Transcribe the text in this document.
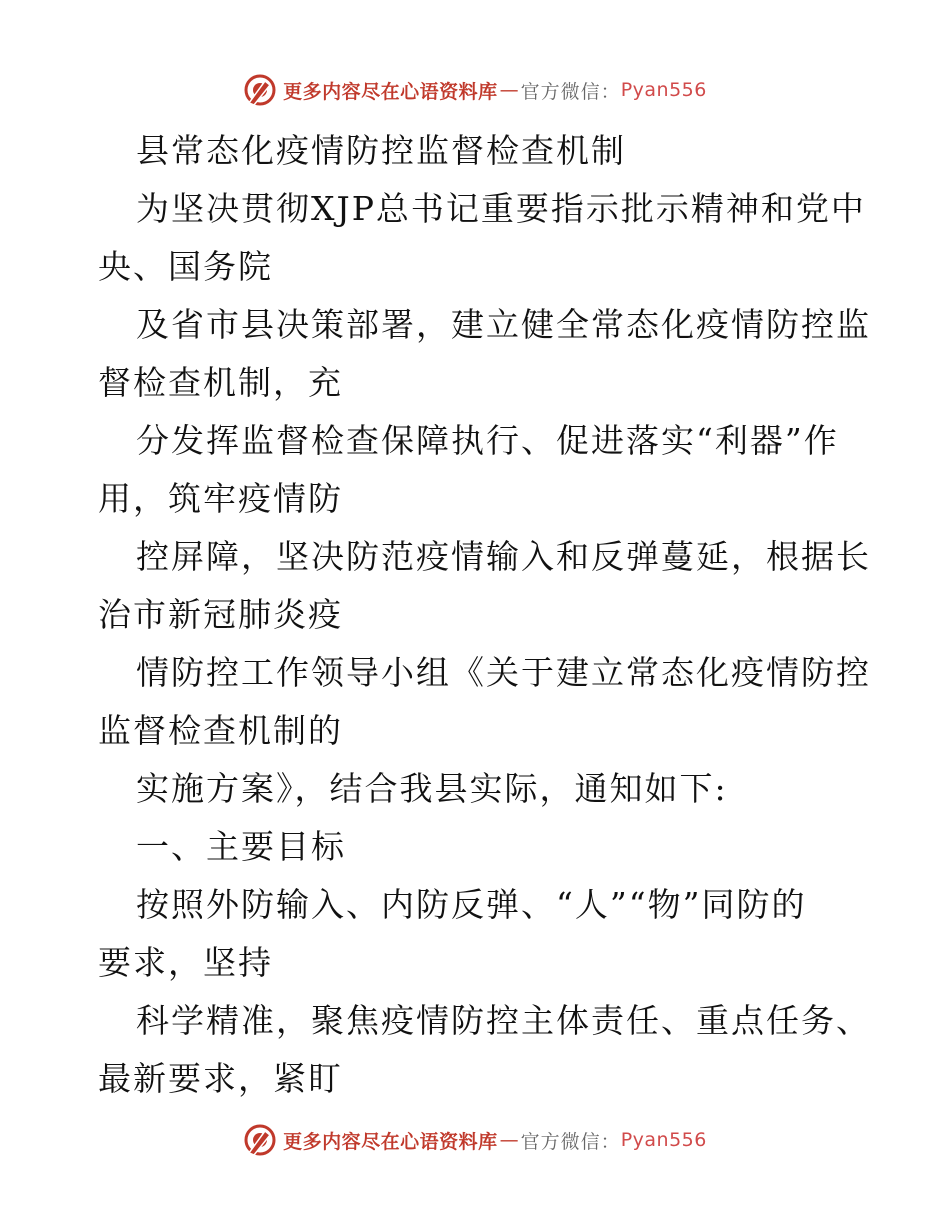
更多内容尽在心语资料库 — 官方微信： Pyan556
县常态化疫情防控监督检查机制
为坚决贯彻XJP总书记重要指示批示精神和党中
央、国务院
及省市县决策部署，建立健全常态化疫情防控监
督检查机制，充
分发挥监督检查保障执行、促进落实“利器”作
用，筑牢疫情防
控屏障，坚决防范疫情输入和反弹蔓延，根据长
治市新冠肺炎疫
情防控工作领导小组《关于建立常态化疫情防控
监督检查机制的
实施方案》，结合我县实际，通知如下:
一、主要目标
按照外防输入、内防反弹、“人”“物”同防的
要求，坚持
科学精准，聚焦疫情防控主体责任、重点任务、
最新要求，紧盯
更多内容尽在心语资料库 — 官方微信： Pyan556
